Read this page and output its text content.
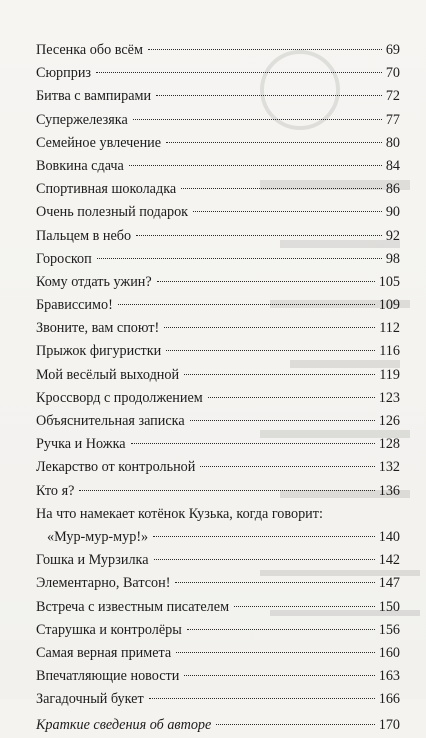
Песенка обо всём	69
Сюрприз	70
Битва с вампирами	72
Супержелезяка	77
Семейное увлечение	80
Вовкина сдача	84
Спортивная шоколадка	86
Очень полезный подарок	90
Пальцем в небо	92
Гороскоп	98
Кому отдать ужин?	105
Брависсимо!	109
Звоните, вам споют!	112
Прыжок фигуристки	116
Мой весёлый выходной	119
Кроссворд с продолжением	123
Объяснительная записка	126
Ручка и Ножка	128
Лекарство от контрольной	132
Кто я?	136
На что намекает котёнок Кузька, когда говорит:
«Мур-мур-мур!»	140
Гошка и Мурзилка	142
Элементарно, Ватсон!	147
Встреча с известным писателем	150
Старушка и контролёры	156
Самая верная примета	160
Впечатляющие новости	163
Загадочный букет	166
Краткие сведения об авторе	170
